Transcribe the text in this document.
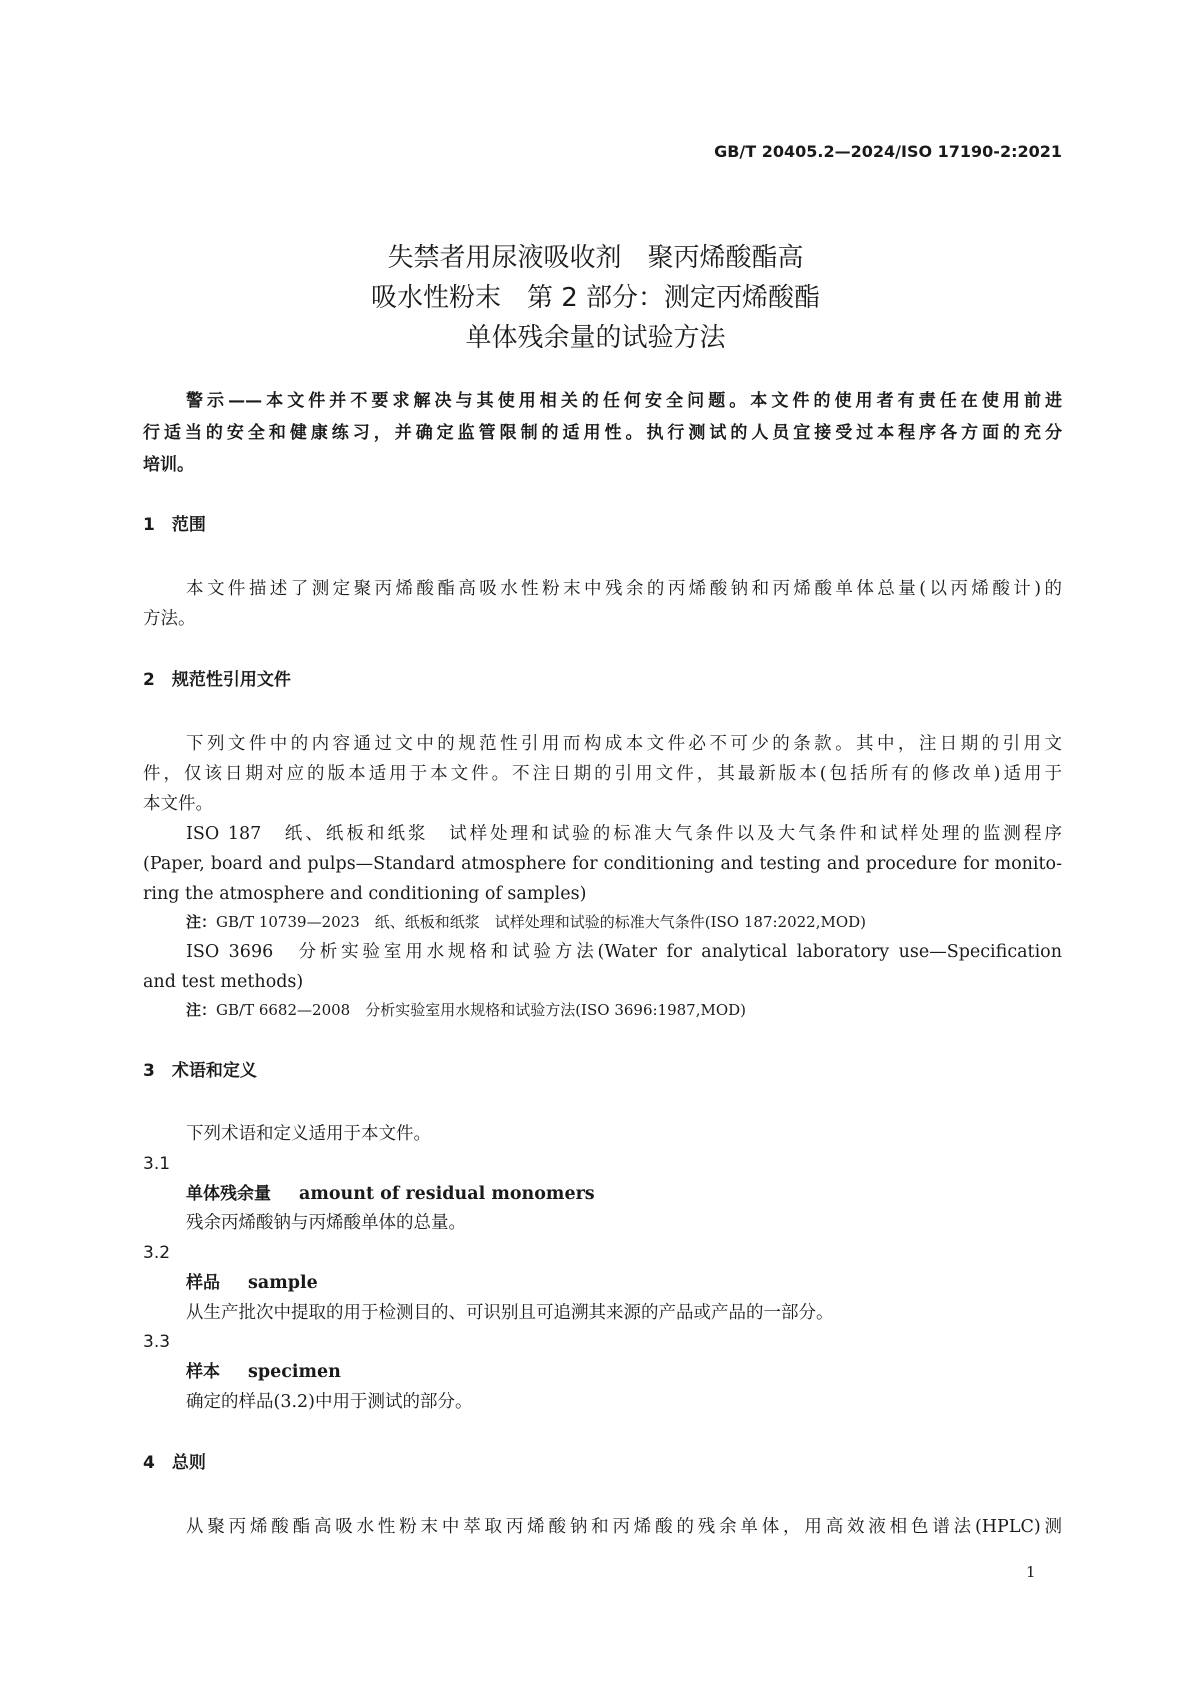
GB/T 20405.2—2024/ISO 17190-2:2021
失禁者用尿液吸收剂　聚丙烯酸酯高
吸水性粉末　第 2 部分：测定丙烯酸酯
单体残余量的试验方法
警示——本文件并不要求解决与其使用相关的任何安全问题。本文件的使用者有责任在使用前进
行适当的安全和健康练习，并确定监管限制的适用性。执行测试的人员宜接受过本程序各方面的充分
培训。
1　范围
本文件描述了测定聚丙烯酸酯高吸水性粉末中残余的丙烯酸钠和丙烯酸单体总量(以丙烯酸计)的
方法。
2　规范性引用文件
下列文件中的内容通过文中的规范性引用而构成本文件必不可少的条款。其中，注日期的引用文
件，仅该日期对应的版本适用于本文件。不注日期的引用文件，其最新版本(包括所有的修改单)适用于
本文件。
ISO 187　纸、纸板和纸浆　试样处理和试验的标准大气条件以及大气条件和试样处理的监测程序
(Paper, board and pulps—Standard atmosphere for conditioning and testing and procedure for monito-
ring the atmosphere and conditioning of samples)
注：GB/T 10739—2023　纸、纸板和纸浆　试样处理和试验的标准大气条件(ISO 187:2022,MOD)
ISO 3696　分析实验室用水规格和试验方法(Water for analytical laboratory use—Specification
and test methods)
注：GB/T 6682—2008　分析实验室用水规格和试验方法(ISO 3696:1987,MOD)
3　术语和定义
下列术语和定义适用于本文件。
3.1
单体残余量 amount of residual monomers
残余丙烯酸钠与丙烯酸单体的总量。
3.2
样品 sample
从生产批次中提取的用于检测目的、可识别且可追溯其来源的产品或产品的一部分。
3.3
样本 specimen
确定的样品(3.2)中用于测试的部分。
4　总则
从聚丙烯酸酯高吸水性粉末中萃取丙烯酸钠和丙烯酸的残余单体，用高效液相色谱法(HPLC)测
1
